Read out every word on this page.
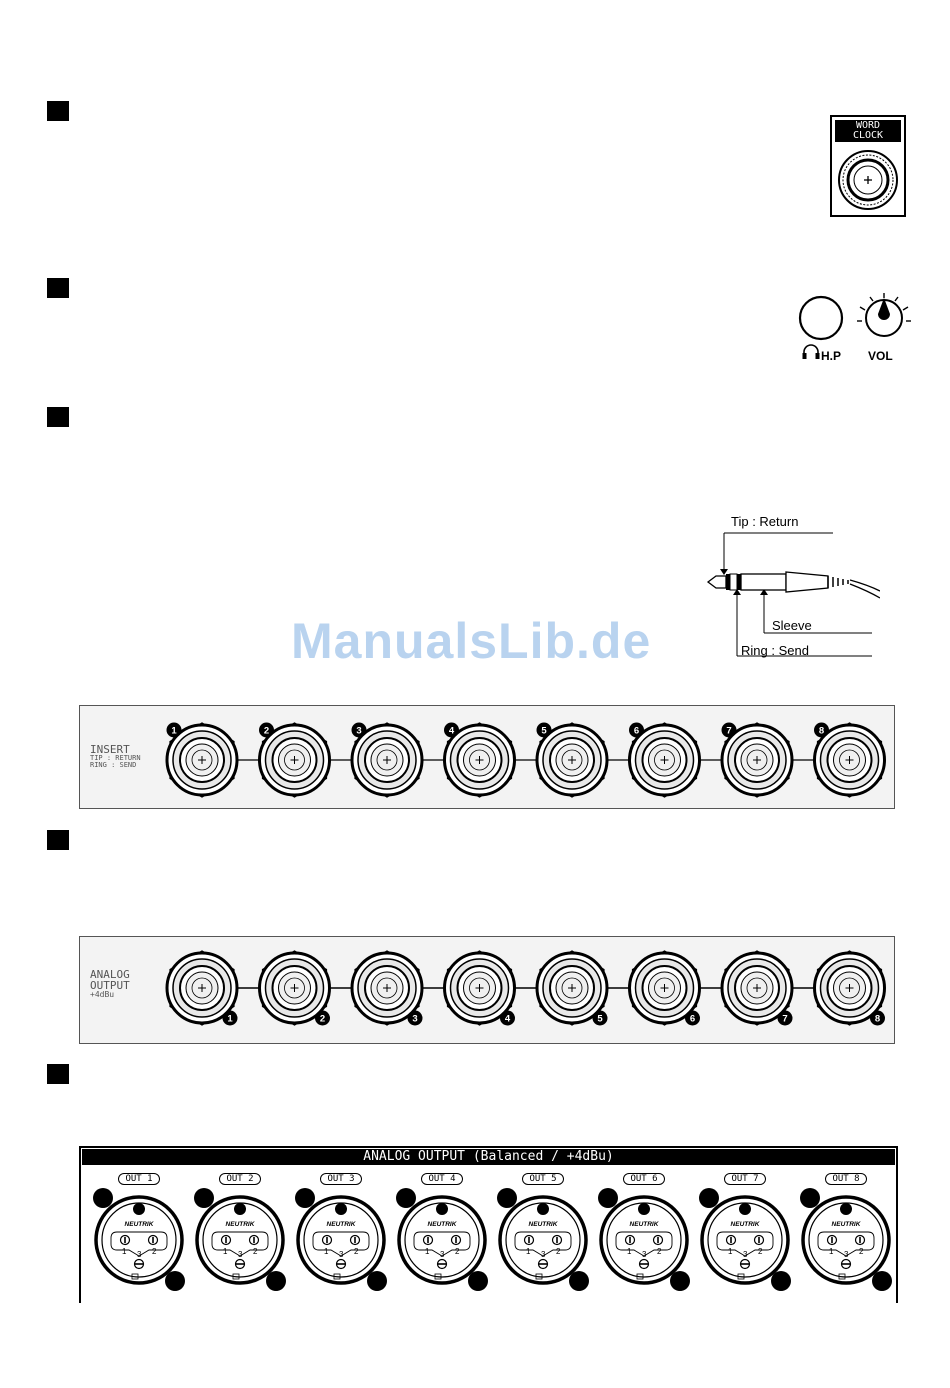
WORD
CLOCK
H.P VOL
Tip : Return
Sleeve
Ring : Send
ManualsLib.de
INSERT
TIP : RETURN
RING : SEND
1	2	3	4	5	6	7	8
ANALOG
OUTPUT
+4dBu
1	2	3	4	5	6	7	8
ANALOG OUTPUT (Balanced / +4dBu)
OUT 1
NEUTRIK
1	2
3
OUT 2
NEUTRIK
1	2
3
OUT 3
NEUTRIK
1	2
3
OUT 4
NEUTRIK
1	2
3
OUT 5
NEUTRIK
1	2
3
OUT 6
NEUTRIK
1	2
3
OUT 7
NEUTRIK
1	2
3
OUT 8
NEUTRIK
1	2
3
